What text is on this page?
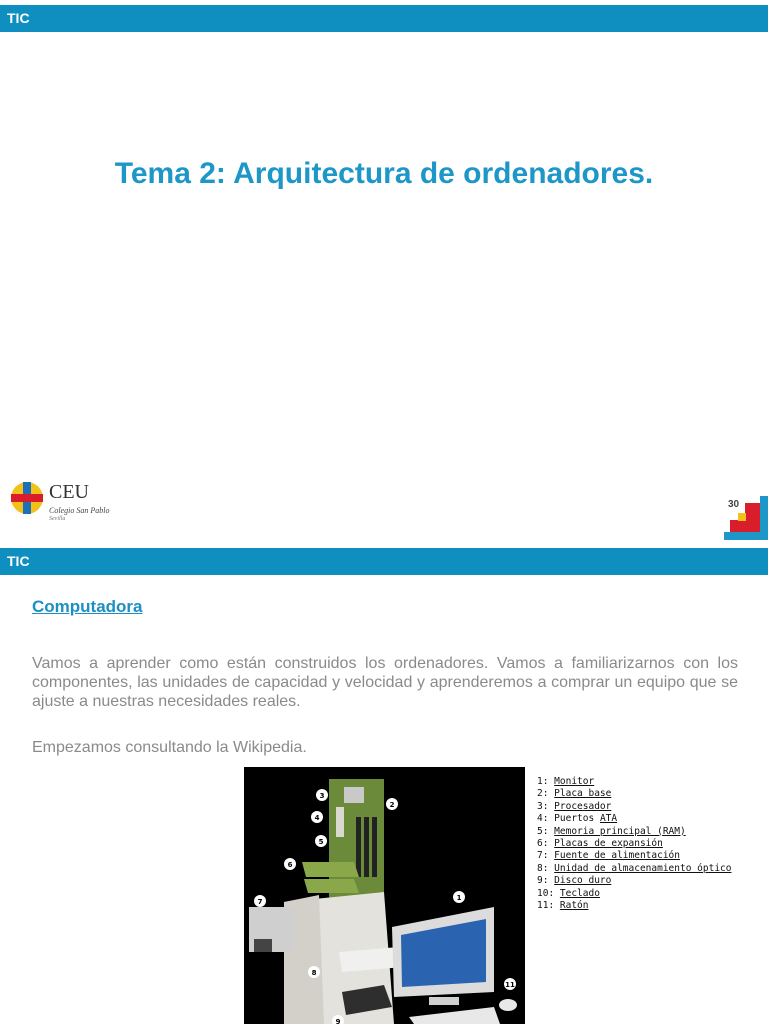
TIC
Tema 2: Arquitectura de ordenadores.
CEU
Colegio San Pablo
Sevilla
30
TIC
Computadora

Vamos a aprender como están construidos los ordenadores. Vamos a familiarizarnos con los componentes, las unidades de capacidad y velocidad y aprenderemos a comprar un equipo que se ajuste a nuestras necesidades reales.

Empezamos consultando la Wikipedia.

1
2
3
4
5
6
7
8
9
11
1: Monitor
2: Placa base
3: Procesador
4: Puertos ATA
5: Memoria principal (RAM)
6: Placas de expansión
7: Fuente de alimentación
8: Unidad de almacenamiento óptico
9: Disco duro
10: Teclado
11: Ratón
